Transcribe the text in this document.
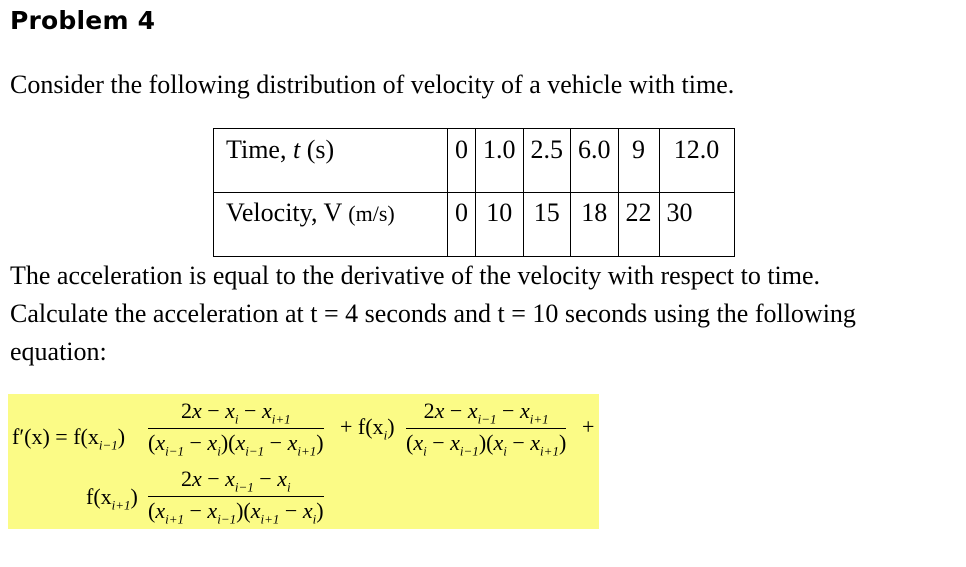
Problem 4
Consider the following distribution of velocity of a vehicle with time.
Time, t (s)	0	1.0	2.5	6.0	9	12.0
Velocity, V (m/s)	0	10	15	18	22	30
The acceleration is equal to the derivative of the velocity with respect to time.
Calculate the acceleration at t = 4 seconds and t = 10 seconds using the following
equation:
$f'(x) = f(x_{i-1}) \frac{2x - x_i - x_{i+1}}{(x_{i-1} - x_i)(x_{i-1} - x_{i+1})} + f(x_i) \frac{2x - x_{i-1} - x_{i+1}}{(x_i - x_{i-1})(x_i - x_{i+1})}$ +
$f(x_{i+1}) \frac{2x - x_{i-1} - x_i}{(x_{i+1} - x_{i-1})(x_{i+1} - x_i)}$
